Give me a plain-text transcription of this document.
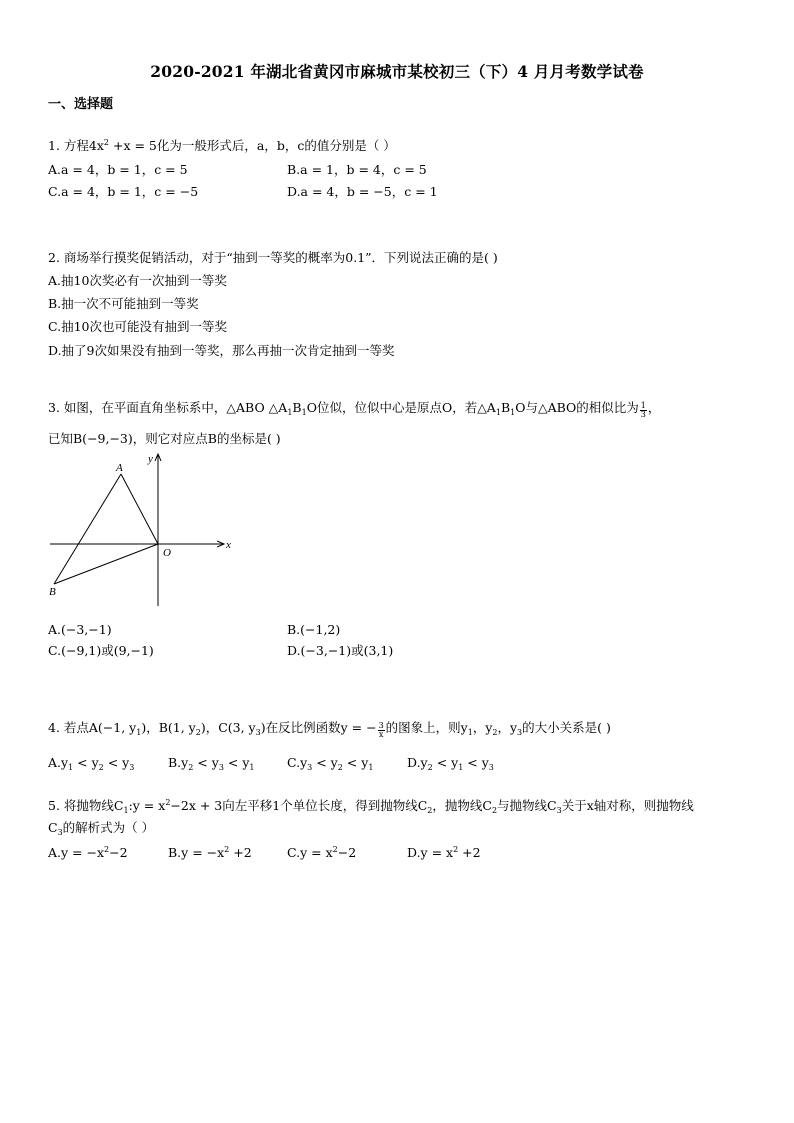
2020-2021 年湖北省黄冈市麻城市某校初三（下）4 月月考数学试卷
一、选择题
1. 方程$4x^2 +x = 5$化为一般形式后，a，b，c的值分别是（ ）
A.a = 4，b = 1，c = 5	B.a = 1，b = 4，c = 5
C.a = 4，b = 1，c = −5	D.a = 4，b = −5，c = 1
2. 商场举行摸奖促销活动，对于“抽到一等奖的概率为0.1”．下列说法正确的是( )
A.抽10次奖必有一次抽到一等奖
B.抽一次不可能抽到一等奖
C.抽10次也可能没有抽到一等奖
D.抽了9次如果没有抽到一等奖，那么再抽一次肯定抽到一等奖
3. 如图，在平面直角坐标系中，△ABO $\triangle A_1B_1O$位似，位似中心是原点O，若$\triangle A_1B_1O$与△ABO的相似比为 $\frac{1}{3}$ ，
已知B(−9,−3)，则它对应点B的坐标是( )
A
B
O
x
y
A.(−3,−1)	B.(−1,2)
C.(−9,1)或(9,−1)	D.(−3,−1)或(3,1)
4. 若点A(−1, $y_1$)，B(1, $y_2$)，C(3, $y_3$)在反比例函数y = − $\frac{3}{x}$ 的图象上，则$y_1$，$y_2$，$y_3$的大小关系是( )
$A.y_1 < y_2 < y_3$	$B.y_2 < y_3 < y_1$	$C.y_3 < y_2 < y_1$	$D.y_2 < y_1 < y_3$
5. 将抛物线$C_1:y = x^2-2x + 3$向左平移1个单位长度，得到抛物线$C_2$，抛物线$C_2$与抛物线$C_3$关于x轴对称，则抛物线
$C_3$的解析式为（ ）
$A.y = -x^2-2$	$B.y = -x^2 +2$	$C.y = x^2-2$	$D.y = x^2 +2$
